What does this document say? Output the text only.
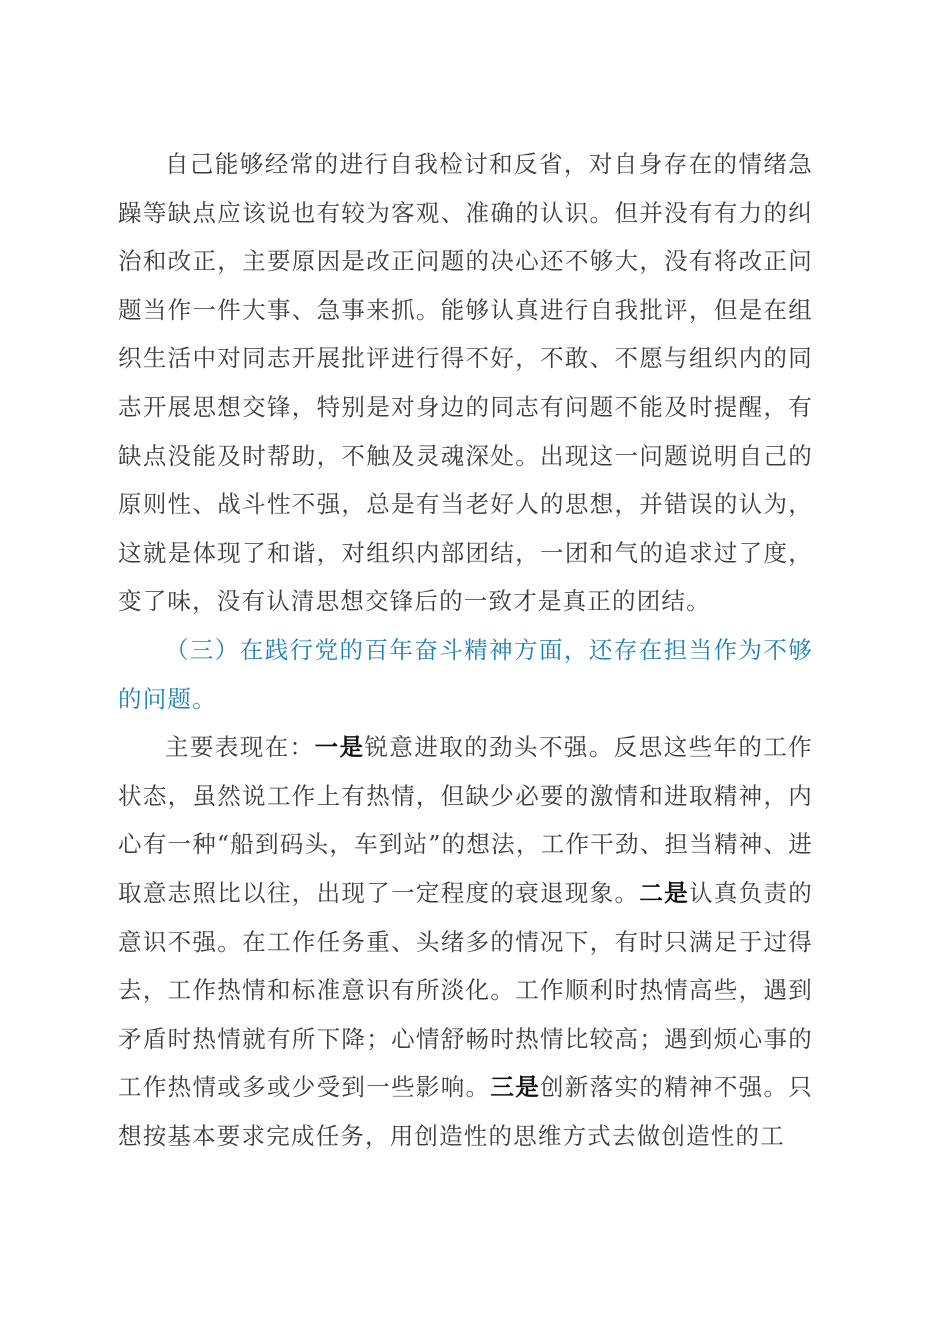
自己能够经常的进行自我检讨和反省，对自身存在的情绪急躁等缺点应该说也有较为客观、准确的认识。但并没有有力的纠治和改正，主要原因是改正问题的决心还不够大，没有将改正问题当作一件大事、急事来抓。能够认真进行自我批评，但是在组织生活中对同志开展批评进行得不好，不敢、不愿与组织内的同志开展思想交锋，特别是对身边的同志有问题不能及时提醒，有缺点没能及时帮助，不触及灵魂深处。出现这一问题说明自己的原则性、战斗性不强，总是有当老好人的思想，并错误的认为，这就是体现了和谐，对组织内部团结，一团和气的追求过了度，变了味，没有认清思想交锋后的一致才是真正的团结。

（三）在践行党的百年奋斗精神方面，还存在担当作为不够的问题。

主要表现在：一是锐意进取的劲头不强。反思这些年的工作状态，虽然说工作上有热情，但缺少必要的激情和进取精神，内心有一种“船到码头，车到站”的想法，工作干劲、担当精神、进取意志照比以往，出现了一定程度的衰退现象。二是认真负责的意识不强。在工作任务重、头绪多的情况下，有时只满足于过得去，工作热情和标准意识有所淡化。工作顺利时热情高些，遇到矛盾时热情就有所下降；心情舒畅时热情比较高；遇到烦心事的工作热情或多或少受到一些影响。三是创新落实的精神不强。只想按基本要求完成任务，用创造性的思维方式去做创造性的工
